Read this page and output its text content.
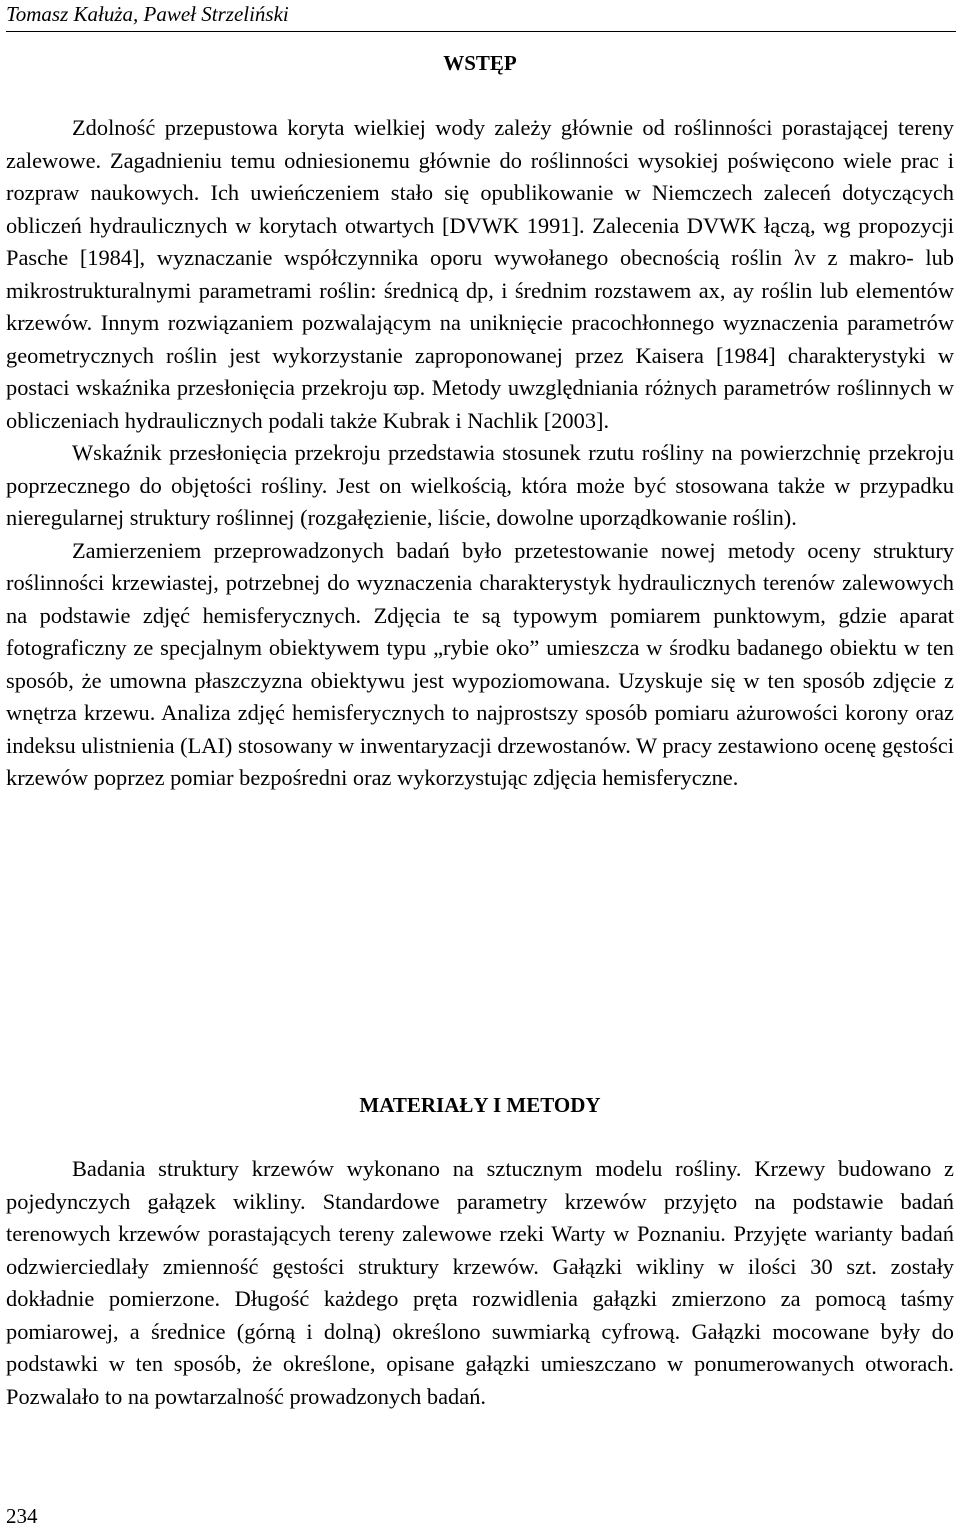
Tomasz Kałuża, Paweł Strzeliński
WSTĘP

Zdolność przepustowa koryta wielkiej wody zależy głównie od roślinności porastającej tereny zalewowe. Zagadnieniu temu odniesionemu głównie do roślinności wysokiej poświęcono wiele prac i rozpraw naukowych. Ich uwieńczeniem stało się opublikowanie w Niemczech zaleceń dotyczących obliczeń hydraulicznych w korytach otwartych [DVWK 1991]. Zalecenia DVWK łączą, wg propozycji Pasche [1984], wyznaczanie współczynnika oporu wywołanego obecnością roślin λv z makro- lub mikrostrukturalnymi parametrami roślin: średnicą dp, i średnim rozstawem ax, ay roślin lub elementów krzewów. Innym rozwiązaniem pozwalającym na uniknięcie pracochłonnego wyznaczenia parametrów geometrycznych roślin jest wykorzystanie zaproponowanej przez Kaisera [1984] charakterystyki w postaci wskaźnika przesłonięcia przekroju ϖp. Metody uwzględniania różnych parametrów roślinnych w obliczeniach hydraulicznych podali także Kubrak i Nachlik [2003].

Wskaźnik przesłonięcia przekroju przedstawia stosunek rzutu rośliny na powierzchnię przekroju poprzecznego do objętości rośliny. Jest on wielkością, która może być stosowana także w przypadku nieregularnej struktury roślinnej (rozgałęzienie, liście, dowolne uporządkowanie roślin).

Zamierzeniem przeprowadzonych badań było przetestowanie nowej metody oceny struktury roślinności krzewiastej, potrzebnej do wyznaczenia charakterystyk hydraulicznych terenów zalewowych na podstawie zdjęć hemisferycznych. Zdjęcia te są typowym pomiarem punktowym, gdzie aparat fotograficzny ze specjalnym obiektywem typu „rybie oko” umieszcza w środku badanego obiektu w ten sposób, że umowna płaszczyzna obiektywu jest wypoziomowana. Uzyskuje się w ten sposób zdjęcie z wnętrza krzewu. Analiza zdjęć hemisferycznych to najprostszy sposób pomiaru ażurowości korony oraz indeksu ulistnienia (LAI) stosowany w inwentaryzacji drzewostanów. W pracy zestawiono ocenę gęstości krzewów poprzez pomiar bezpośredni oraz wykorzystując zdjęcia hemisferyczne.

MATERIAŁY I METODY

Badania struktury krzewów wykonano na sztucznym modelu rośliny. Krzewy budowano z pojedynczych gałązek wikliny. Standardowe parametry krzewów przyjęto na podstawie badań terenowych krzewów porastających tereny zalewowe rzeki Warty w Poznaniu. Przyjęte warianty badań odzwierciedlały zmienność gęstości struktury krzewów. Gałązki wikliny w ilości 30 szt. zostały dokładnie pomierzone. Długość każdego pręta rozwidlenia gałązki zmierzono za pomocą taśmy pomiarowej, a średnice (górną i dolną) określono suwmiarką cyfrową. Gałązki mocowane były do podstawki w ten sposób, że określone, opisane gałązki umieszczano w ponumerowanych otworach. Pozwalało to na powtarzalność prowadzonych badań.

234
